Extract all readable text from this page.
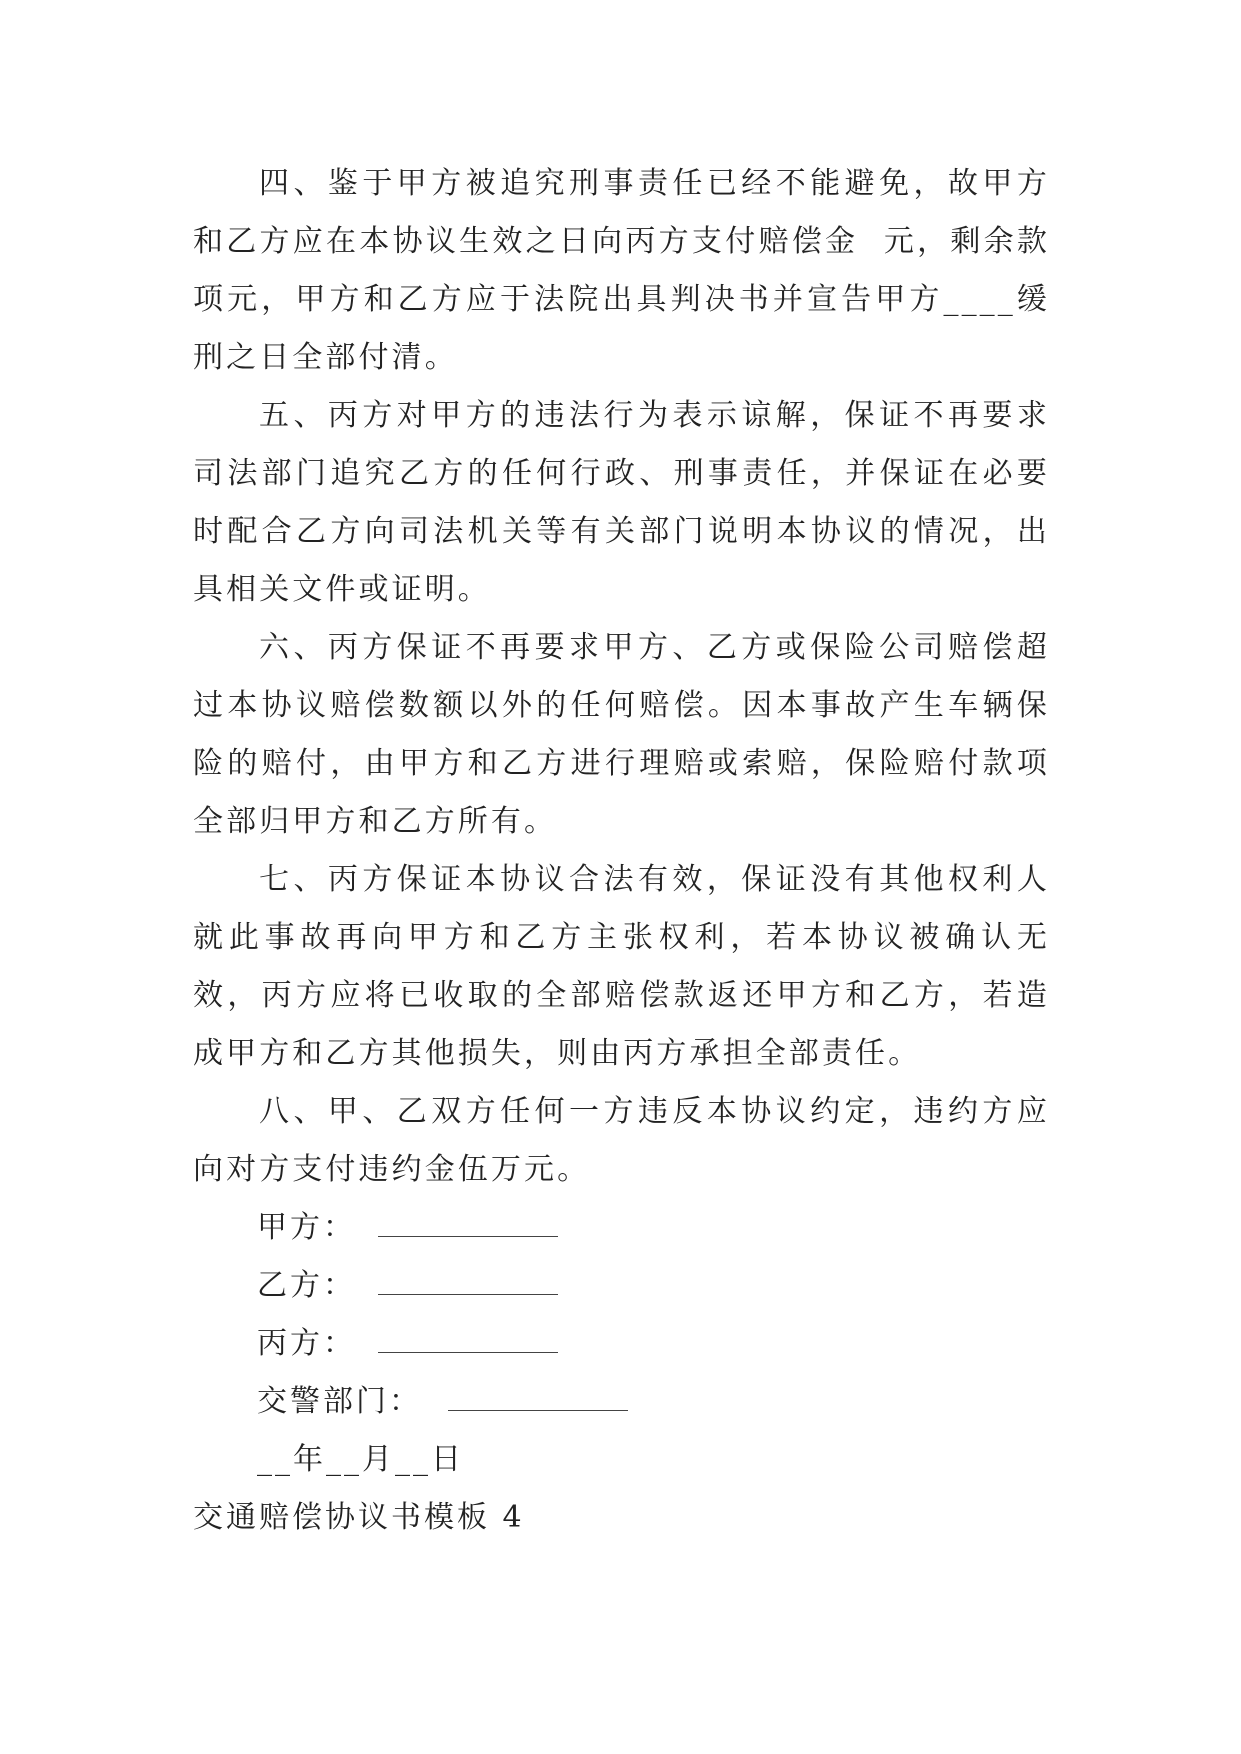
四、鉴于甲方被追究刑事责任已经不能避免，故甲方和乙方应在本协议生效之日向丙方支付赔偿金  元，剩余款项元，甲方和乙方应于法院出具判决书并宣告甲方____缓刑之日全部付清。

五、丙方对甲方的违法行为表示谅解，保证不再要求司法部门追究乙方的任何行政、刑事责任，并保证在必要时配合乙方向司法机关等有关部门说明本协议的情况，出具相关文件或证明。

六、丙方保证不再要求甲方、乙方或保险公司赔偿超过本协议赔偿数额以外的任何赔偿。因本事故产生车辆保险的赔付，由甲方和乙方进行理赔或索赔，保险赔付款项全部归甲方和乙方所有。

七、丙方保证本协议合法有效，保证没有其他权利人就此事故再向甲方和乙方主张权利，若本协议被确认无效，丙方应将已收取的全部赔偿款返还甲方和乙方，若造成甲方和乙方其他损失，则由丙方承担全部责任。

八、甲、乙双方任何一方违反本协议约定，违约方应向对方支付违约金伍万元。

甲方：
乙方：
丙方：
交警部门：

__年__月__日

交通赔偿协议书模板 4
